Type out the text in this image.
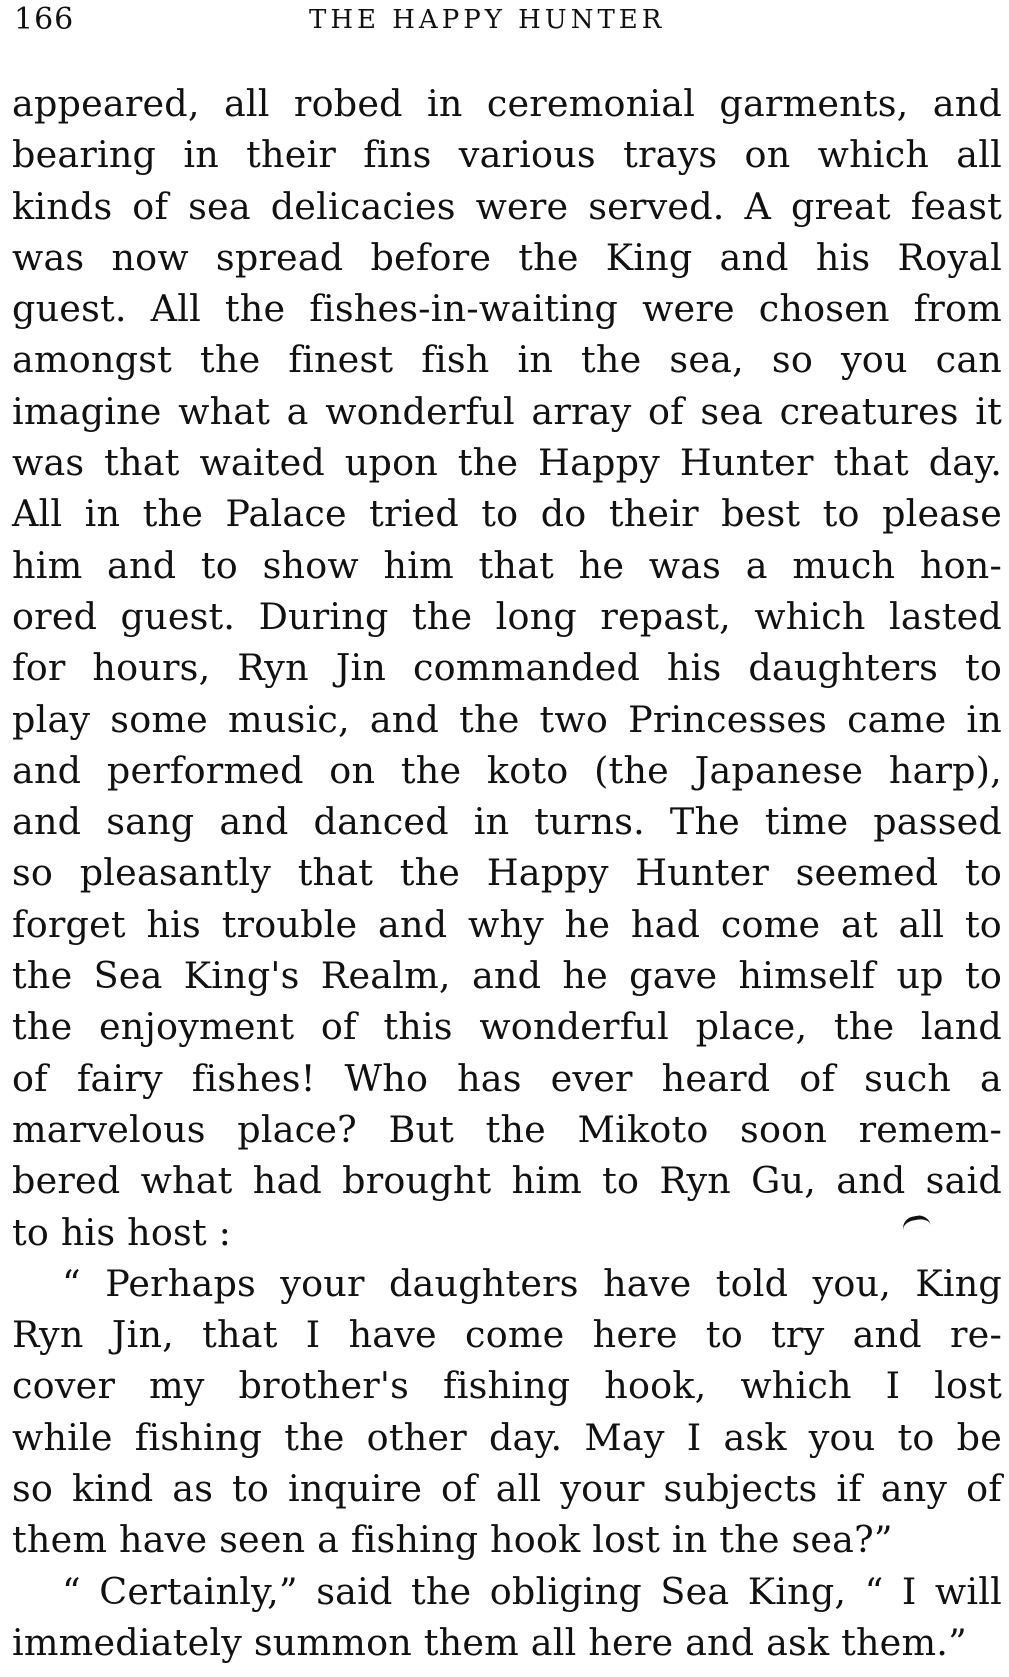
166	THE HAPPY HUNTER
appeared, all robed in ceremonial garments, and
bearing in their fins various trays on which all
kinds of sea delicacies were served. A great feast
was now spread before the King and his Royal
guest. All the fishes-in-waiting were chosen from
amongst the finest fish in the sea, so you can
imagine what a wonderful array of sea creatures it
was that waited upon the Happy Hunter that day.
All in the Palace tried to do their best to please
him and to show him that he was a much hon-
ored guest. During the long repast, which lasted
for hours, Ryn Jin commanded his daughters to
play some music, and the two Princesses came in
and performed on the koto (the Japanese harp),
and sang and danced in turns. The time passed
so pleasantly that the Happy Hunter seemed to
forget his trouble and why he had come at all to
the Sea King's Realm, and he gave himself up to
the enjoyment of this wonderful place, the land
of fairy fishes! Who has ever heard of such a
marvelous place? But the Mikoto soon remem-
bered what had brought him to Ryn Gu, and said
to his host :
“ Perhaps your daughters have told you, King
Ryn Jin, that I have come here to try and re-
cover my brother's fishing hook, which I lost
while fishing the other day. May I ask you to be
so kind as to inquire of all your subjects if any of
them have seen a fishing hook lost in the sea?”
“ Certainly,” said the obliging Sea King, “ I will
immediately summon them all here and ask them.”
